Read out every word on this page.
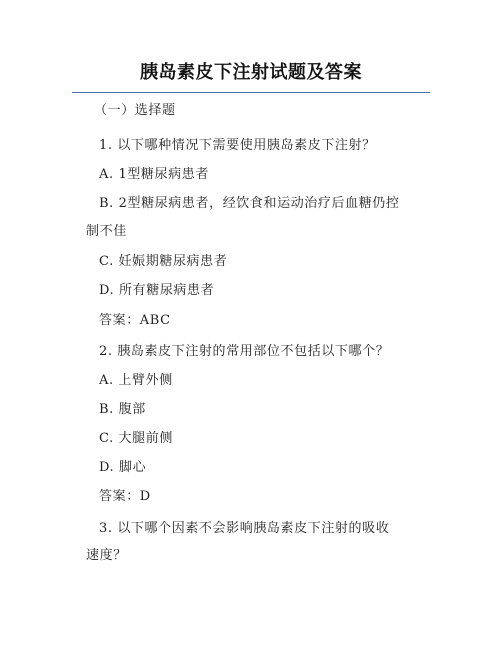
胰岛素皮下注射试题及答案
（一）选择题
1. 以下哪种情况下需要使用胰岛素皮下注射？
A. 1型糖尿病患者
B. 2型糖尿病患者，经饮食和运动治疗后血糖仍控
制不佳
C. 妊娠期糖尿病患者
D. 所有糖尿病患者
答案：ABC
2. 胰岛素皮下注射的常用部位不包括以下哪个？
A. 上臂外侧
B. 腹部
C. 大腿前侧
D. 脚心
答案：D
3. 以下哪个因素不会影响胰岛素皮下注射的吸收
速度？
